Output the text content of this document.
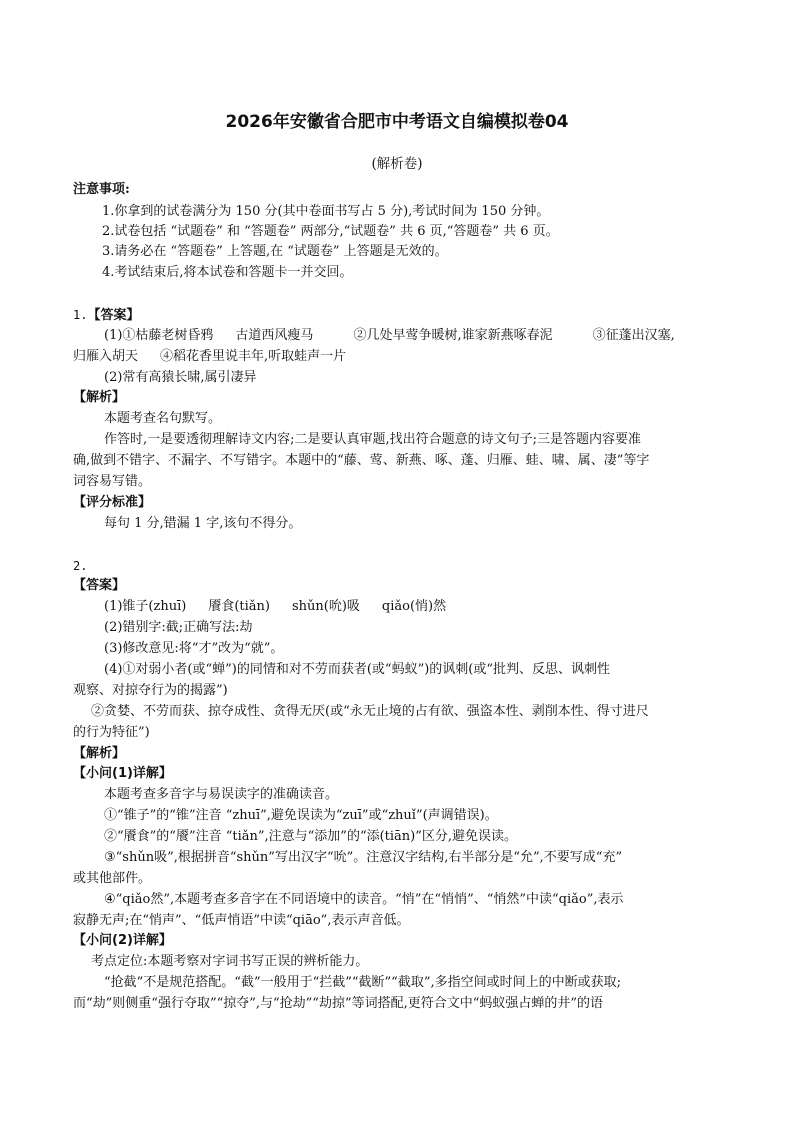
2026年安徽省合肥市中考语文自编模拟卷04
(解析卷)
注意事项:
1.你拿到的试卷满分为 150 分(其中卷面书写占 5 分),考试时间为 150 分钟。
2.试卷包括 “试题卷” 和 “答题卷” 两部分,“试题卷” 共 6 页,“答题卷” 共 6 页。
3.请务必在 “答题卷” 上答题,在 “试题卷” 上答题是无效的。
4.考试结束后,将本试卷和答题卡一并交回。
1.【答案】
(1)①枯藤老树昏鸦 古道西风瘦马	②几处早莺争暖树,谁家新燕啄春泥	③征蓬出汉塞,
归雁入胡天 ④稻花香里说丰年,听取蛙声一片
(2)常有高猿长啸,属引凄异
【解析】
本题考查名句默写。
作答时,一是要透彻理解诗文内容;二是要认真审题,找出符合题意的诗文句子;三是答题内容要准
确,做到不错字、不漏字、不写错字。本题中的“藤、莺、新燕、啄、蓬、归雁、蛙、啸、属、凄”等字
词容易写错。
【评分标准】
每句 1 分,错漏 1 字,该句不得分。
2.
【答案】
(1)锥子(zhuī) 餍食(tiǎn) shǔn(吮)吸 qiǎo(悄)然
(2)错别字:截;正确写法:劫
(3)修改意见:将“才”改为“就”。
(4)①对弱小者(或“蝉”)的同情和对不劳而获者(或“蚂蚁”)的讽刺(或“批判、反思、讽刺性
观察、对掠夺行为的揭露”)
②贪婪、不劳而获、掠夺成性、贪得无厌(或“永无止境的占有欲、强盗本性、剥削本性、得寸进尺
的行为特征”)
【解析】
【小问(1)详解】
本题考查多音字与易误读字的准确读音。
①“锥子”的“锥”注音 “zhuī”,避免误读为“zuī”或“zhuǐ”(声调错误)。
②“餍食”的“餍”注音 “tiǎn”,注意与“添加”的“添(tiān)”区分,避免误读。
③“shǔn吸”,根据拼音“shǔn”写出汉字“吮”。注意汉字结构,右半部分是“允”,不要写成“充”
或其他部件。
④“qiǎo然”,本题考查多音字在不同语境中的读音。“悄”在“悄悄”、“悄然”中读“qiǎo”,表示
寂静无声;在“悄声”、“低声悄语”中读“qiāo”,表示声音低。
【小问(2)详解】
考点定位:本题考察对字词书写正误的辨析能力。
“抢截”不是规范搭配。“截”一般用于“拦截”“截断”“截取”,多指空间或时间上的中断或获取;
而“劫”则侧重“强行夺取”“掠夺”,与“抢劫”“劫掠”等词搭配,更符合文中“蚂蚁强占蝉的井”的语
